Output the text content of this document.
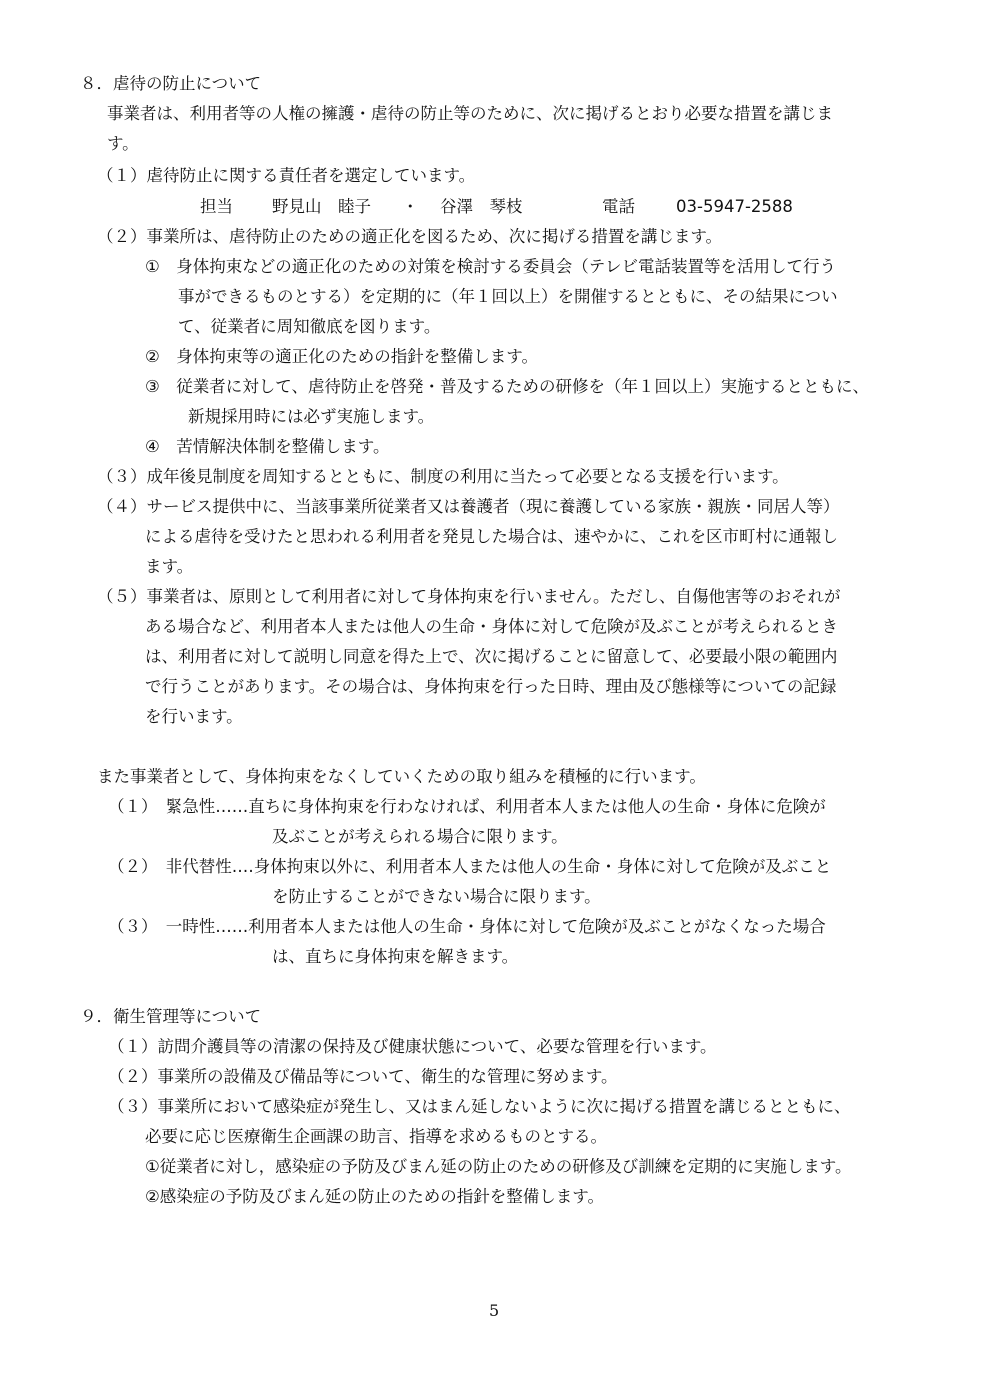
８．虐待の防止について
事業者は、利用者等の人権の擁護・虐待の防止等のために、次に掲げるとおり必要な措置を講じま
す。
（１）虐待防止に関する責任者を選定しています。
担当 野見山　睦子 ・ 谷澤　琴枝	電話 03-5947-2588
（２）事業所は、虐待防止のための適正化を図るため、次に掲げる措置を講じます。
①　身体拘束などの適正化のための対策を検討する委員会（テレビ電話装置等を活用して行う
事ができるものとする）を定期的に（年１回以上）を開催するとともに、その結果につい
て、従業者に周知徹底を図ります。
②　身体拘束等の適正化のための指針を整備します。
③　従業者に対して、虐待防止を啓発・普及するための研修を（年１回以上）実施するとともに、
新規採用時には必ず実施します。
④　苦情解決体制を整備します。
（３）成年後見制度を周知するとともに、制度の利用に当たって必要となる支援を行います。
（４）サービス提供中に、当該事業所従業者又は養護者（現に養護している家族・親族・同居人等）
による虐待を受けたと思われる利用者を発見した場合は、速やかに、これを区市町村に通報し
ます。
（５）事業者は、原則として利用者に対して身体拘束を行いません。ただし、自傷他害等のおそれが
ある場合など、利用者本人または他人の生命・身体に対して危険が及ぶことが考えられるとき
は、利用者に対して説明し同意を得た上で、次に掲げることに留意して、必要最小限の範囲内
で行うことがあります。その場合は、身体拘束を行った日時、理由及び態様等についての記録
を行います。
また事業者として、身体拘束をなくしていくための取り組みを積極的に行います。
（１）　緊急性‥‥‥直ちに身体拘束を行わなければ、利用者本人または他人の生命・身体に危険が
及ぶことが考えられる場合に限ります。
（２）　非代替性‥‥身体拘束以外に、利用者本人または他人の生命・身体に対して危険が及ぶこと
を防止することができない場合に限ります。
（３）　一時性‥‥‥利用者本人または他人の生命・身体に対して危険が及ぶことがなくなった場合
は、直ちに身体拘束を解きます。
９．衛生管理等について
（１）訪問介護員等の清潔の保持及び健康状態について、必要な管理を行います。
（２）事業所の設備及び備品等について、衛生的な管理に努めます。
（３）事業所において感染症が発生し、又はまん延しないように次に掲げる措置を講じるとともに、
必要に応じ医療衛生企画課の助言、指導を求めるものとする。
①従業者に対し，感染症の予防及びまん延の防止のための研修及び訓練を定期的に実施します。
②感染症の予防及びまん延の防止のための指針を整備します。
5
